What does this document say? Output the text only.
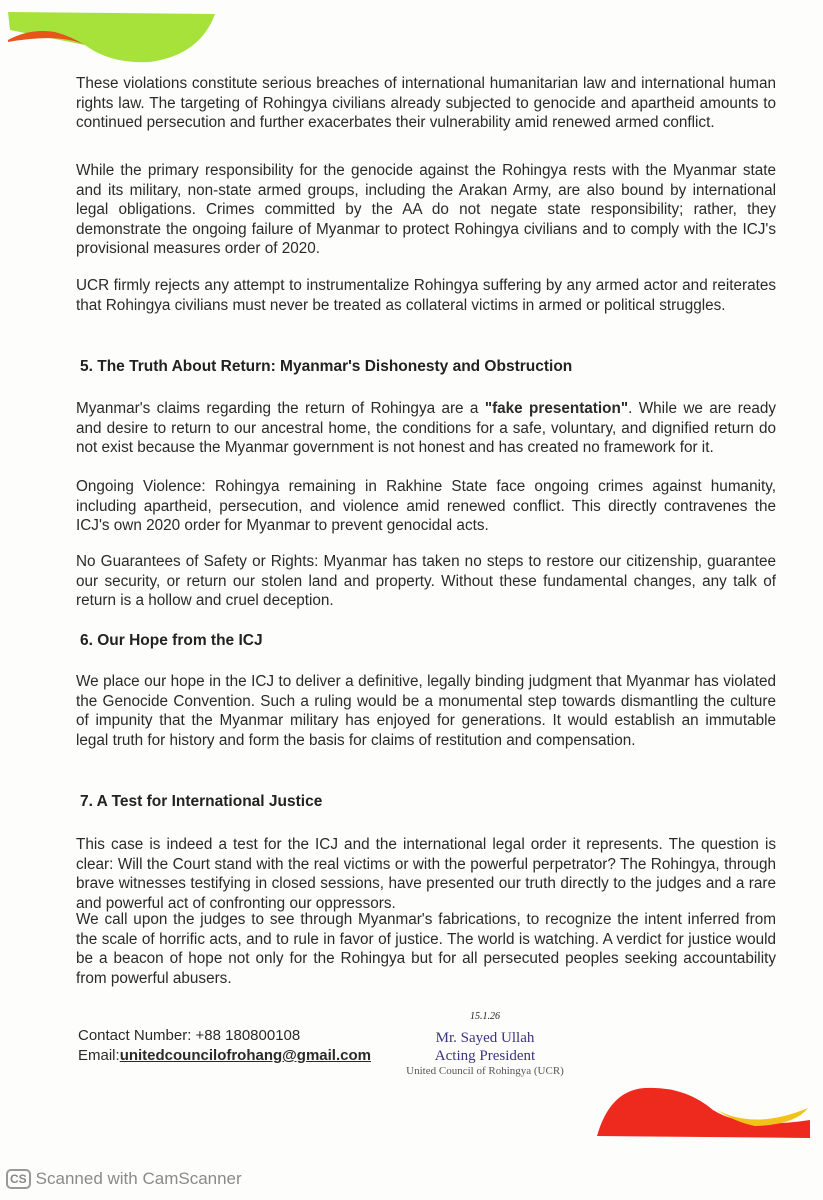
These violations constitute serious breaches of international humanitarian law and international human rights law. The targeting of Rohingya civilians already subjected to genocide and apartheid amounts to continued persecution and further exacerbates their vulnerability amid renewed armed conflict.
While the primary responsibility for the genocide against the Rohingya rests with the Myanmar state and its military, non-state armed groups, including the Arakan Army, are also bound by international legal obligations. Crimes committed by the AA do not negate state responsibility; rather, they demonstrate the ongoing failure of Myanmar to protect Rohingya civilians and to comply with the ICJ's provisional measures order of 2020.
UCR firmly rejects any attempt to instrumentalize Rohingya suffering by any armed actor and reiterates that Rohingya civilians must never be treated as collateral victims in armed or political struggles.
5. The Truth About Return: Myanmar's Dishonesty and Obstruction
Myanmar's claims regarding the return of Rohingya are a "fake presentation". While we are ready and desire to return to our ancestral home, the conditions for a safe, voluntary, and dignified return do not exist because the Myanmar government is not honest and has created no framework for it.
Ongoing Violence: Rohingya remaining in Rakhine State face ongoing crimes against humanity, including apartheid, persecution, and violence amid renewed conflict. This directly contravenes the ICJ's own 2020 order for Myanmar to prevent genocidal acts.
No Guarantees of Safety or Rights: Myanmar has taken no steps to restore our citizenship, guarantee our security, or return our stolen land and property. Without these fundamental changes, any talk of return is a hollow and cruel deception.
6. Our Hope from the ICJ
We place our hope in the ICJ to deliver a definitive, legally binding judgment that Myanmar has violated the Genocide Convention. Such a ruling would be a monumental step towards dismantling the culture of impunity that the Myanmar military has enjoyed for generations. It would establish an immutable legal truth for history and form the basis for claims of restitution and compensation.
7. A Test for International Justice
This case is indeed a test for the ICJ and the international legal order it represents. The question is clear: Will the Court stand with the real victims or with the powerful perpetrator? The Rohingya, through brave witnesses testifying in closed sessions, have presented our truth directly to the judges and a rare and powerful act of confronting our oppressors.
We call upon the judges to see through Myanmar's fabrications, to recognize the intent inferred from the scale of horrific acts, and to rule in favor of justice. The world is watching. A verdict for justice would be a beacon of hope not only for the Rohingya but for all persecuted peoples seeking accountability from powerful abusers.
Contact Number: +88 180800108
Email:unitedcouncilofrohang@gmail.com
15.1.26
Mr. Sayed Ullah
Acting President
United Council of Rohingya (UCR)
CS Scanned with CamScanner
